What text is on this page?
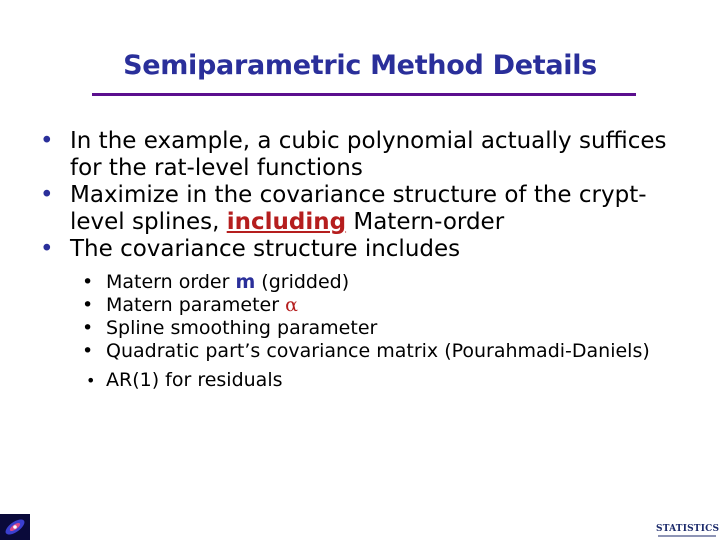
Semiparametric Method Details

• In the example, a cubic polynomial actually suffices for the rat-level functions

• Maximize in the covariance structure of the crypt-level splines, including Matern-order

• The covariance structure includes

• Matern order m (gridded)

• Matern parameter α

• Spline smoothing parameter

• Quadratic part’s covariance matrix (Pourahmadi-Daniels)

• AR(1) for residuals

STATISTICS
